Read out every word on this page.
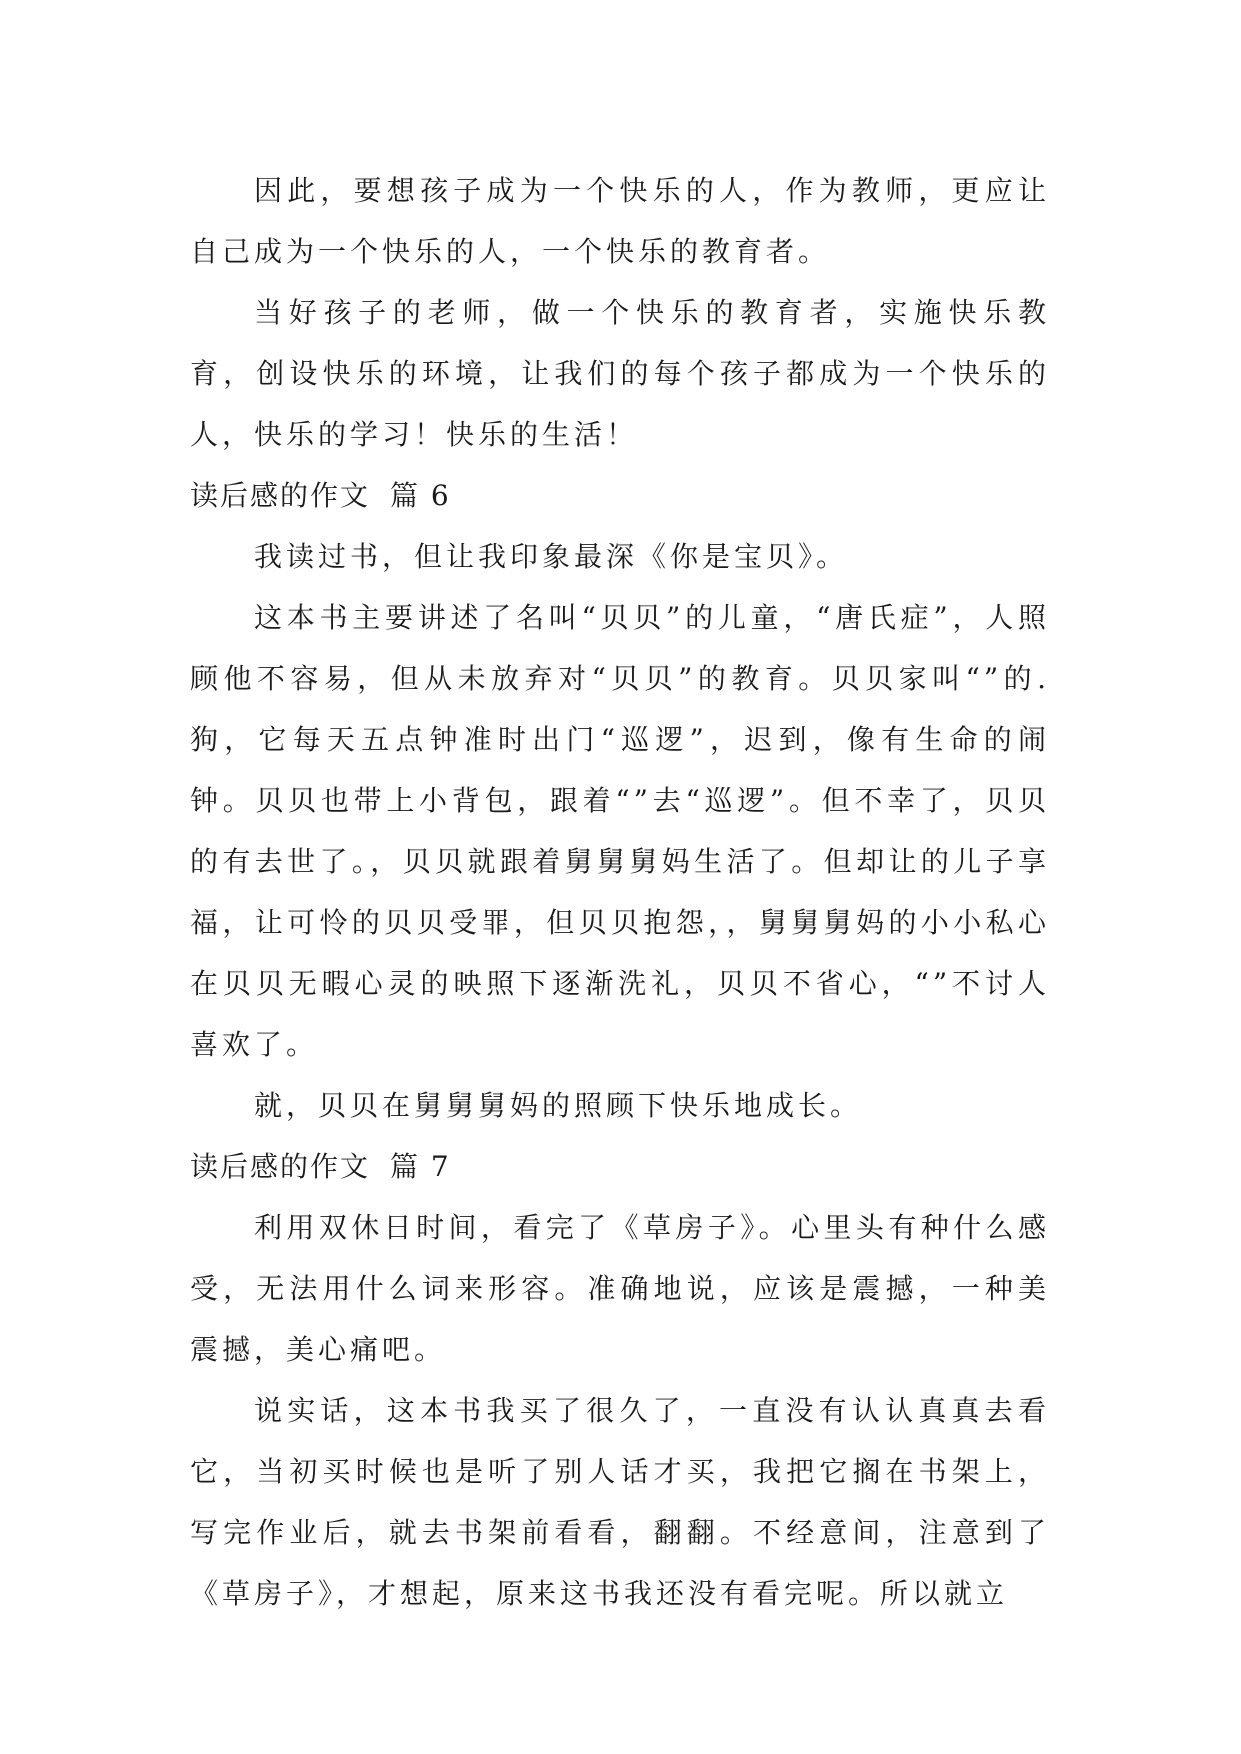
因此，要想孩子成为一个快乐的人，作为教师，更应让自己成为一个快乐的人，一个快乐的教育者。

当好孩子的老师，做一个快乐的教育者，实施快乐教育，创设快乐的环境，让我们的每个孩子都成为一个快乐的人，快乐的学习！快乐的生活！

读后感的作文 篇 6

我读过书，但让我印象最深《你是宝贝》。

这本书主要讲述了名叫“贝贝”的儿童，“唐氏症”，人照顾他不容易，但从未放弃对“贝贝”的教育。贝贝家叫“”的.狗，它每天五点钟准时出门“巡逻”，迟到，像有生命的闹钟。贝贝也带上小背包，跟着“”去“巡逻”。但不幸了，贝贝的有去世了。，贝贝就跟着舅舅舅妈生活了。但却让的儿子享福，让可怜的贝贝受罪，但贝贝抱怨，，舅舅舅妈的小小私心在贝贝无暇心灵的映照下逐渐洗礼，贝贝不省心，“”不讨人喜欢了。

就，贝贝在舅舅舅妈的照顾下快乐地成长。

读后感的作文 篇 7

利用双休日时间，看完了《草房子》。心里头有种什么感受，无法用什么词来形容。准确地说，应该是震撼，一种美震撼，美心痛吧。

说实话，这本书我买了很久了，一直没有认认真真去看它，当初买时候也是听了别人话才买，我把它搁在书架上，写完作业后，就去书架前看看，翻翻。不经意间，注意到了《草房子》，才想起，原来这书我还没有看完呢。所以就立
